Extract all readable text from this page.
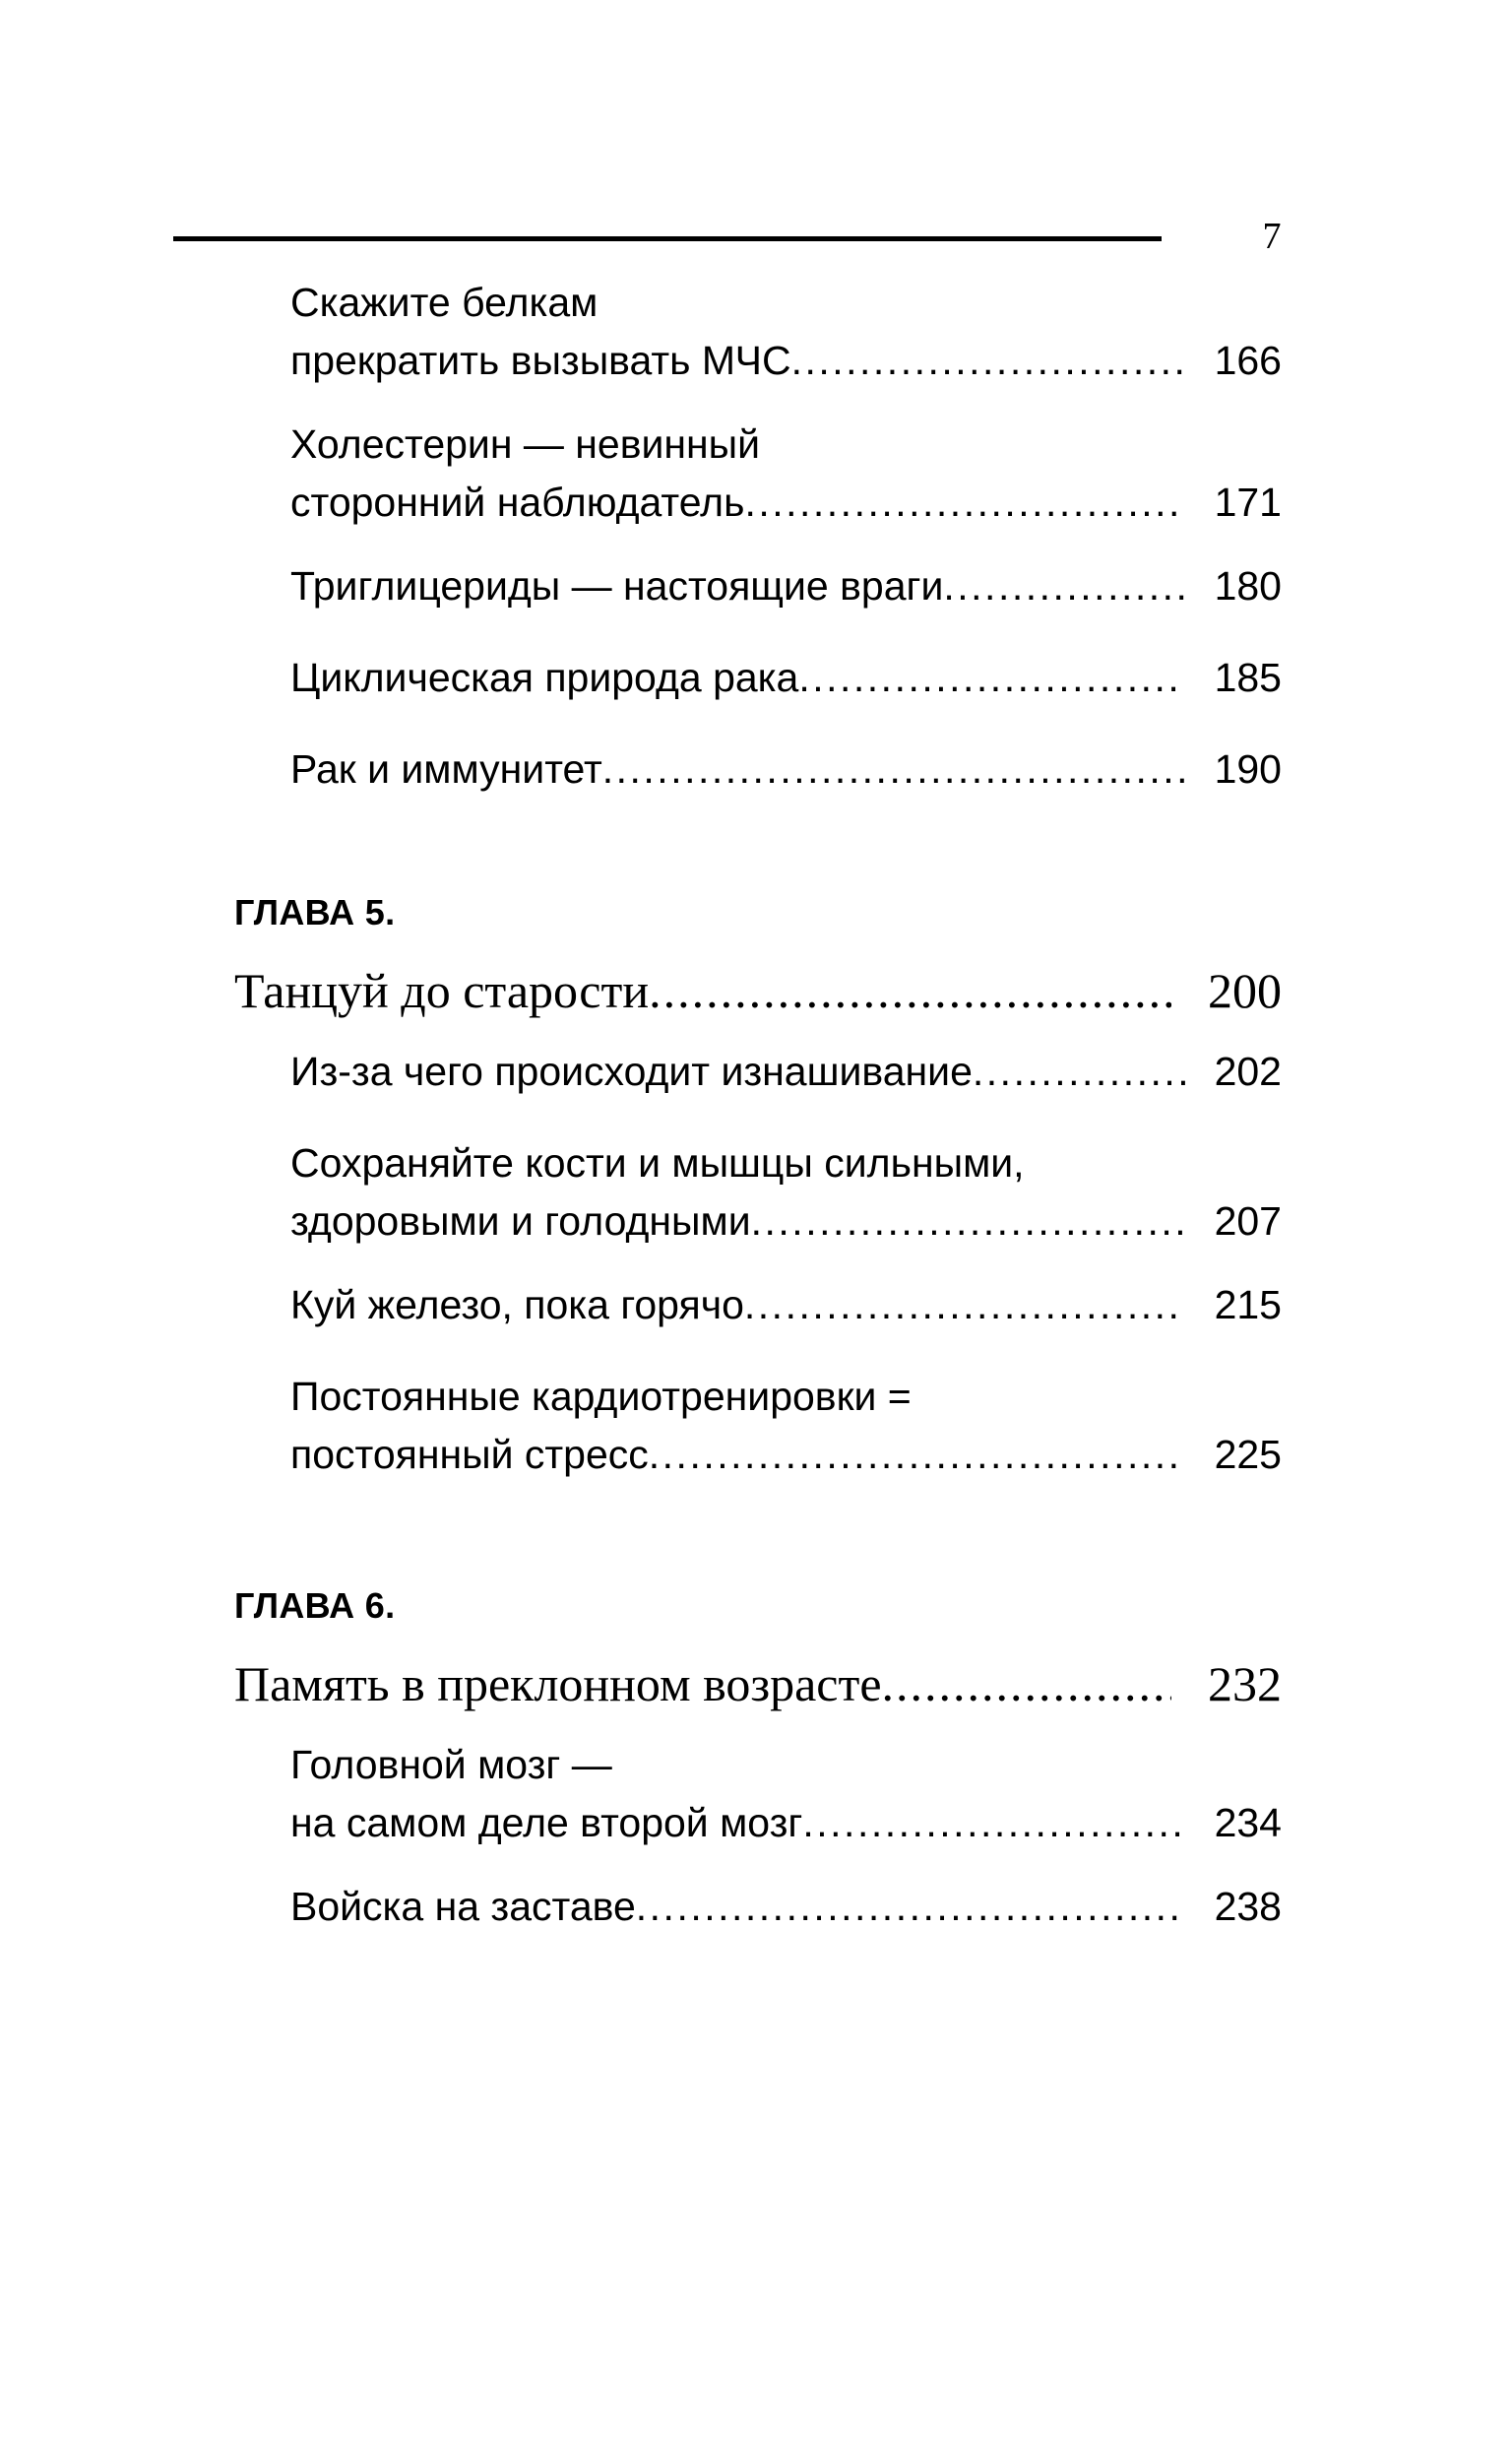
7
Скажите белкам
прекратить вызывать МЧС .....	166
Холестерин — невинный
сторонний наблюдатель .....	171
Триглицериды — настоящие враги .....	180
Циклическая природа рака .....	185
Рак и иммунитет .....	190
ГЛАВА 5.
Танцуй до старости .....	200
Из-за чего происходит изнашивание .....	202
Сохраняйте кости и мышцы сильными,
здоровыми и голодными .....	207
Куй железо, пока горячо .....	215
Постоянные кардиотренировки =
постоянный стресс .....	225
ГЛАВА 6.
Память в преклонном возрасте .....	232
Головной мозг —
на самом деле второй мозг .....	234
Войска на заставе .....	238
